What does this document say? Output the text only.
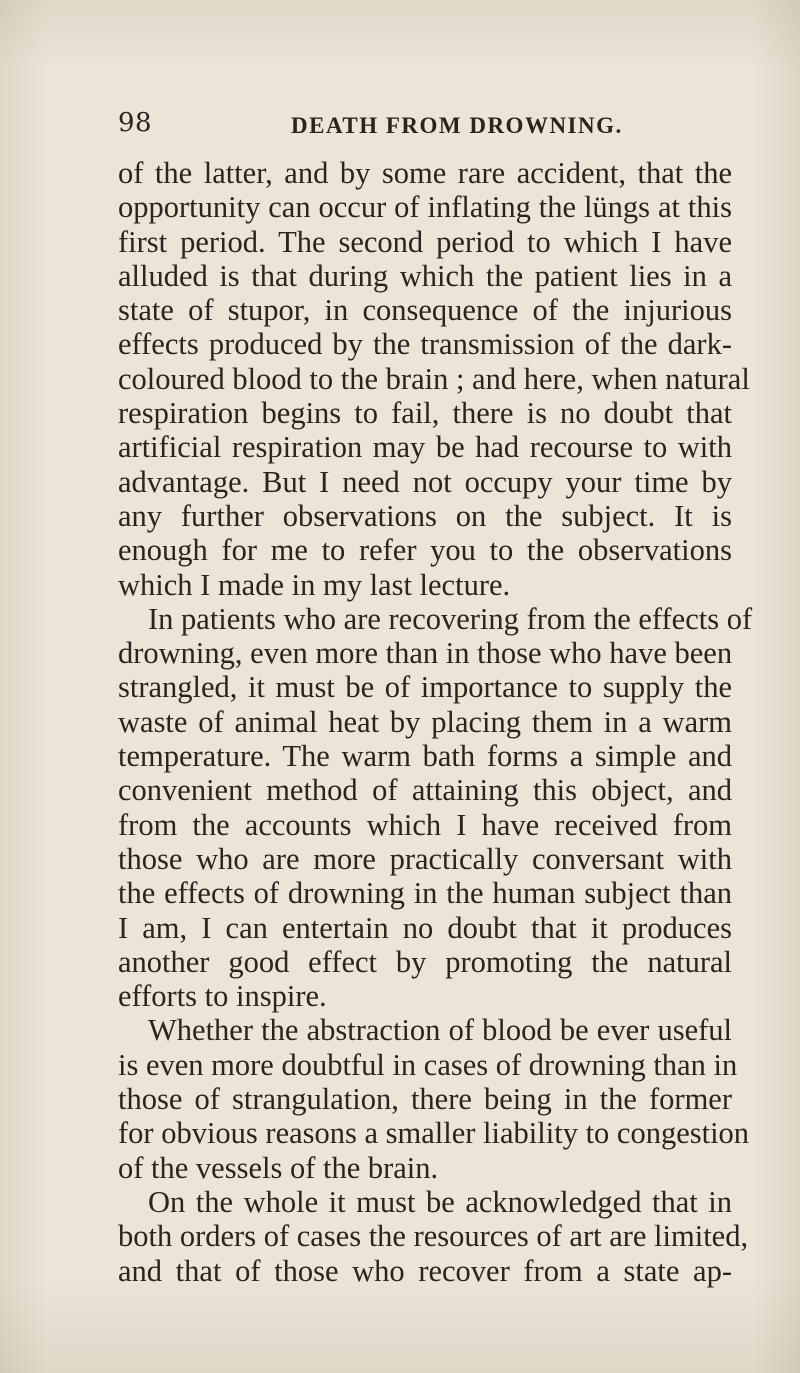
98	DEATH FROM DROWNING.
of the latter, and by some rare accident, that the
opportunity can occur of inflating the lüngs at this
first period. The second period to which I have
alluded is that during which the patient lies in a
state of stupor, in consequence of the injurious
effects produced by the transmission of the dark-
coloured blood to the brain ; and here, when natural
respiration begins to fail, there is no doubt that
artificial respiration may be had recourse to with
advantage. But I need not occupy your time by
any further observations on the subject. It is
enough for me to refer you to the observations
which I made in my last lecture.
In patients who are recovering from the effects of
drowning, even more than in those who have been
strangled, it must be of importance to supply the
waste of animal heat by placing them in a warm
temperature. The warm bath forms a simple and
convenient method of attaining this object, and
from the accounts which I have received from
those who are more practically conversant with
the effects of drowning in the human subject than
I am, I can entertain no doubt that it produces
another good effect by promoting the natural
efforts to inspire.
Whether the abstraction of blood be ever useful
is even more doubtful in cases of drowning than in
those of strangulation, there being in the former
for obvious reasons a smaller liability to congestion
of the vessels of the brain.
On the whole it must be acknowledged that in
both orders of cases the resources of art are limited,
and that of those who recover from a state ap-
